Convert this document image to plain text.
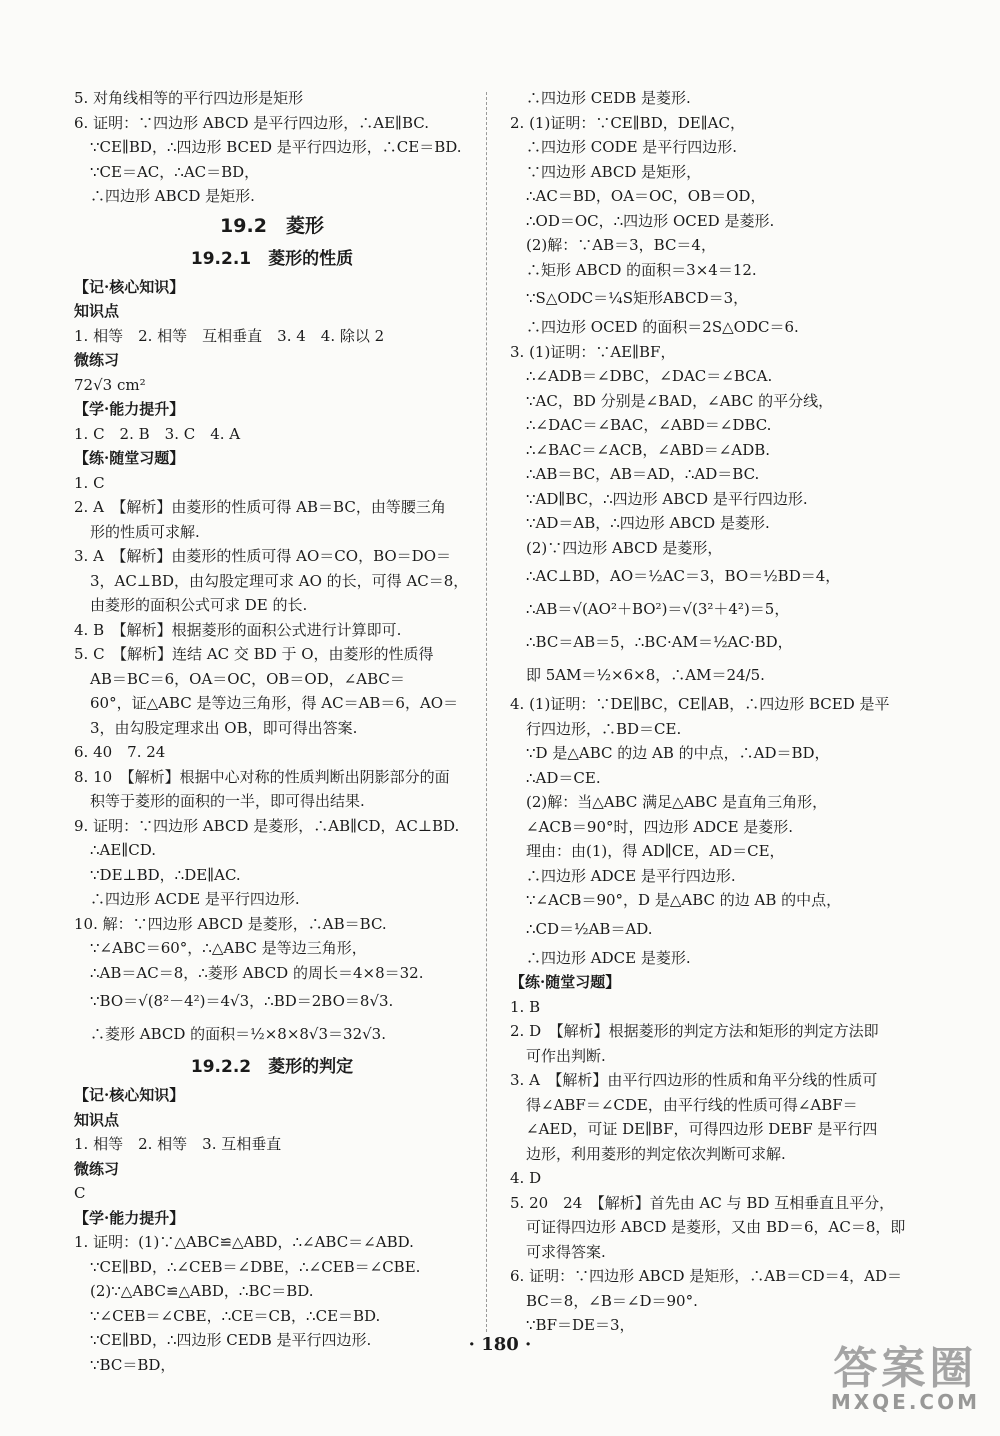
5. 对角线相等的平行四边形是矩形
6. 证明：∵四边形 ABCD 是平行四边形，∴AE∥BC.
∵CE∥BD，∴四边形 BCED 是平行四边形，∴CE＝BD.
∵CE＝AC，∴AC＝BD，
∴四边形 ABCD 是矩形.
19.2　菱形
19.2.1　菱形的性质
【记·核心知识】
知识点
1. 相等　2. 相等　互相垂直　3. 4　4. 除以 2
微练习
72√3 cm²
【学·能力提升】
1. C　2. B　3. C　4. A
【练·随堂习题】
1. C
2. A　【解析】由菱形的性质可得 AB＝BC，由等腰三角
形的性质可求解.
3. A　【解析】由菱形的性质可得 AO＝CO，BO＝DO＝
3，AC⊥BD，由勾股定理可求 AO 的长，可得 AC＝8，
由菱形的面积公式可求 DE 的长.
4. B　【解析】根据菱形的面积公式进行计算即可.
5. C　【解析】连结 AC 交 BD 于 O，由菱形的性质得
AB＝BC＝6，OA＝OC，OB＝OD，∠ABC＝
60°，证△ABC 是等边三角形，得 AC＝AB＝6，AO＝
3，由勾股定理求出 OB，即可得出答案.
6. 40　7. 24
8. 10　【解析】根据中心对称的性质判断出阴影部分的面
积等于菱形的面积的一半，即可得出结果.
9. 证明：∵四边形 ABCD 是菱形，∴AB∥CD，AC⊥BD.
∴AE∥CD.
∵DE⊥BD，∴DE∥AC.
∴四边形 ACDE 是平行四边形.
10. 解：∵四边形 ABCD 是菱形，∴AB＝BC.
∵∠ABC＝60°，∴△ABC 是等边三角形，
∴AB＝AC＝8，∴菱形 ABCD 的周长＝4×8＝32.
∵BO＝√(8²－4²)＝4√3，∴BD＝2BO＝8√3.
∴菱形 ABCD 的面积＝½×8×8√3＝32√3.
19.2.2　菱形的判定
【记·核心知识】
知识点
1. 相等　2. 相等　3. 互相垂直
微练习
C
【学·能力提升】
1. 证明：(1)∵△ABC≌△ABD，∴∠ABC＝∠ABD.
∵CE∥BD，∴∠CEB＝∠DBE，∴∠CEB＝∠CBE.
(2)∵△ABC≌△ABD，∴BC＝BD.
∵∠CEB＝∠CBE，∴CE＝CB，∴CE＝BD.
∵CE∥BD，∴四边形 CEDB 是平行四边形.
∵BC＝BD，
∴四边形 CEDB 是菱形.
2. (1)证明：∵CE∥BD，DE∥AC，
∴四边形 CODE 是平行四边形.
∵四边形 ABCD 是矩形，
∴AC＝BD，OA＝OC，OB＝OD，
∴OD＝OC，∴四边形 OCED 是菱形.
(2)解：∵AB＝3，BC＝4，
∴矩形 ABCD 的面积＝3×4＝12.
∵S△ODC＝¼S矩形ABCD＝3，
∴四边形 OCED 的面积＝2S△ODC＝6.
3. (1)证明：∵AE∥BF，
∴∠ADB＝∠DBC，∠DAC＝∠BCA.
∵AC，BD 分别是∠BAD，∠ABC 的平分线，
∴∠DAC＝∠BAC，∠ABD＝∠DBC.
∴∠BAC＝∠ACB，∠ABD＝∠ADB.
∴AB＝BC，AB＝AD，∴AD＝BC.
∵AD∥BC，∴四边形 ABCD 是平行四边形.
∵AD＝AB，∴四边形 ABCD 是菱形.
(2)∵四边形 ABCD 是菱形，
∴AC⊥BD，AO＝½AC＝3，BO＝½BD＝4，
∴AB＝√(AO²＋BO²)＝√(3²＋4²)＝5，
∴BC＝AB＝5，∴BC·AM＝½AC·BD，
即 5AM＝½×6×8，∴AM＝24/5.
4. (1)证明：∵DE∥BC，CE∥AB，∴四边形 BCED 是平
行四边形，∴BD＝CE.
∵D 是△ABC 的边 AB 的中点，∴AD＝BD，
∴AD＝CE.
(2)解：当△ABC 满足△ABC 是直角三角形，
∠ACB＝90°时，四边形 ADCE 是菱形.
理由：由(1)，得 AD∥CE，AD＝CE，
∴四边形 ADCE 是平行四边形.
∵∠ACB＝90°，D 是△ABC 的边 AB 的中点，
∴CD＝½AB＝AD.
∴四边形 ADCE 是菱形.
【练·随堂习题】
1. B
2. D　【解析】根据菱形的判定方法和矩形的判定方法即
可作出判断.
3. A　【解析】由平行四边形的性质和角平分线的性质可
得∠ABF＝∠CDE，由平行线的性质可得∠ABF＝
∠AED，可证 DE∥BF，可得四边形 DEBF 是平行四
边形，利用菱形的判定依次判断可求解.
4. D
5. 20　24　【解析】首先由 AC 与 BD 互相垂直且平分，
可证得四边形 ABCD 是菱形，又由 BD＝6，AC＝8，即
可求得答案.
6. 证明：∵四边形 ABCD 是矩形，∴AB＝CD＝4，AD＝
BC＝8，∠B＝∠D＝90°.
∵BF＝DE＝3，
· 180 ·	答案圈
MXQE.COM
